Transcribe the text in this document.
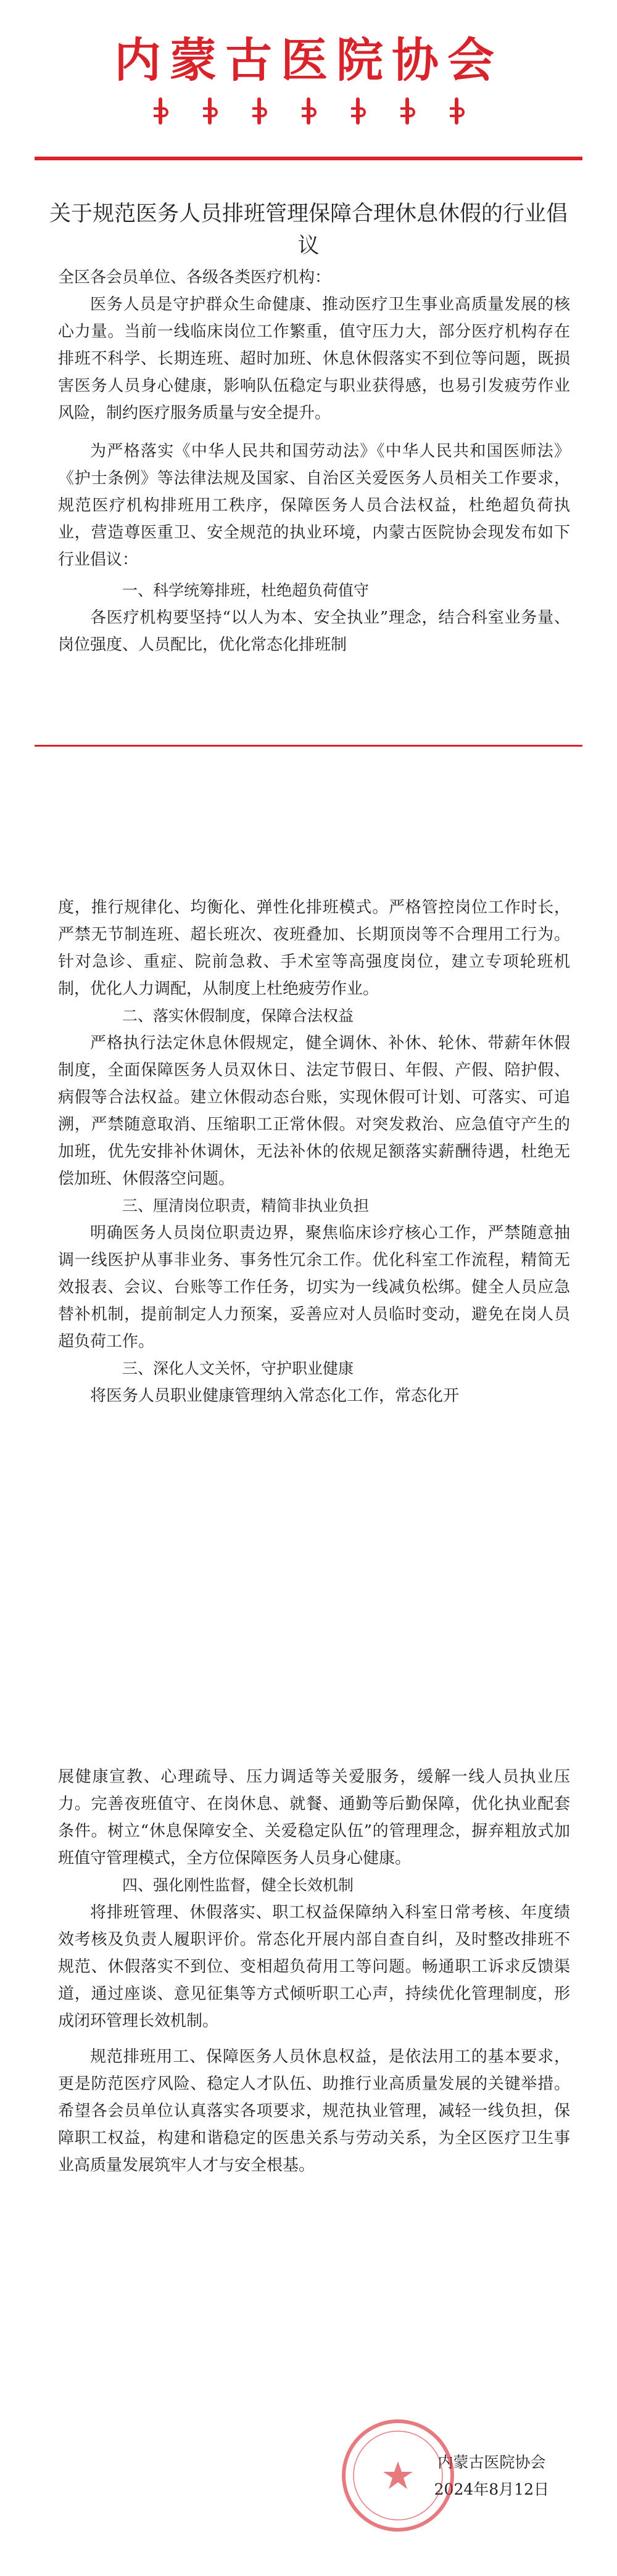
内蒙古医院协会
关于规范医务人员排班管理保障合理休息休假的行业倡议

全区各会员单位、各级各类医疗机构：

医务人员是守护群众生命健康、推动医疗卫生事业高质量发展的核心力量。当前一线临床岗位工作繁重，值守压力大，部分医疗机构存在排班不科学、长期连班、超时加班、休息休假落实不到位等问题，既损害医务人员身心健康，影响队伍稳定与职业获得感，也易引发疲劳作业风险，制约医疗服务质量与安全提升。

为严格落实《中华人民共和国劳动法》《中华人民共和国医师法》《护士条例》等法律法规及国家、自治区关爱医务人员相关工作要求，规范医疗机构排班用工秩序，保障医务人员合法权益，杜绝超负荷执业，营造尊医重卫、安全规范的执业环境，内蒙古医院协会现发布如下行业倡议：

一、科学统筹排班，杜绝超负荷值守

各医疗机构要坚持“以人为本、安全执业”理念，结合科室业务量、岗位强度、人员配比，优化常态化排班制

度，推行规律化、均衡化、弹性化排班模式。严格管控岗位工作时长，严禁无节制连班、超长班次、夜班叠加、长期顶岗等不合理用工行为。针对急诊、重症、院前急救、手术室等高强度岗位，建立专项轮班机制，优化人力调配，从制度上杜绝疲劳作业。

二、落实休假制度，保障合法权益

严格执行法定休息休假规定，健全调休、补休、轮休、带薪年休假制度，全面保障医务人员双休日、法定节假日、年假、产假、陪护假、病假等合法权益。建立休假动态台账，实现休假可计划、可落实、可追溯，严禁随意取消、压缩职工正常休假。对突发救治、应急值守产生的加班，优先安排补休调休，无法补休的依规足额落实薪酬待遇，杜绝无偿加班、休假落空问题。

三、厘清岗位职责，精简非执业负担

明确医务人员岗位职责边界，聚焦临床诊疗核心工作，严禁随意抽调一线医护从事非业务、事务性冗余工作。优化科室工作流程，精简无效报表、会议、台账等工作任务，切实为一线减负松绑。健全人员应急替补机制，提前制定人力预案，妥善应对人员临时变动，避免在岗人员超负荷工作。

三、深化人文关怀，守护职业健康

将医务人员职业健康管理纳入常态化工作，常态化开

展健康宣教、心理疏导、压力调适等关爱服务，缓解一线人员执业压力。完善夜班值守、在岗休息、就餐、通勤等后勤保障，优化执业配套条件。树立“休息保障安全、关爱稳定队伍”的管理理念，摒弃粗放式加班值守管理模式，全方位保障医务人员身心健康。

四、强化刚性监督，健全长效机制

将排班管理、休假落实、职工权益保障纳入科室日常考核、年度绩效考核及负责人履职评价。常态化开展内部自查自纠，及时整改排班不规范、休假落实不到位、变相超负荷用工等问题。畅通职工诉求反馈渠道，通过座谈、意见征集等方式倾听职工心声，持续优化管理制度，形成闭环管理长效机制。

规范排班用工、保障医务人员休息权益，是依法用工的基本要求，更是防范医疗风险、稳定人才队伍、助推行业高质量发展的关键举措。希望各会员单位认真落实各项要求，规范执业管理，减轻一线负担，保障职工权益，构建和谐稳定的医患关系与劳动关系，为全区医疗卫生事业高质量发展筑牢人才与安全根基。

内蒙古医院协会
2024年8月12日
